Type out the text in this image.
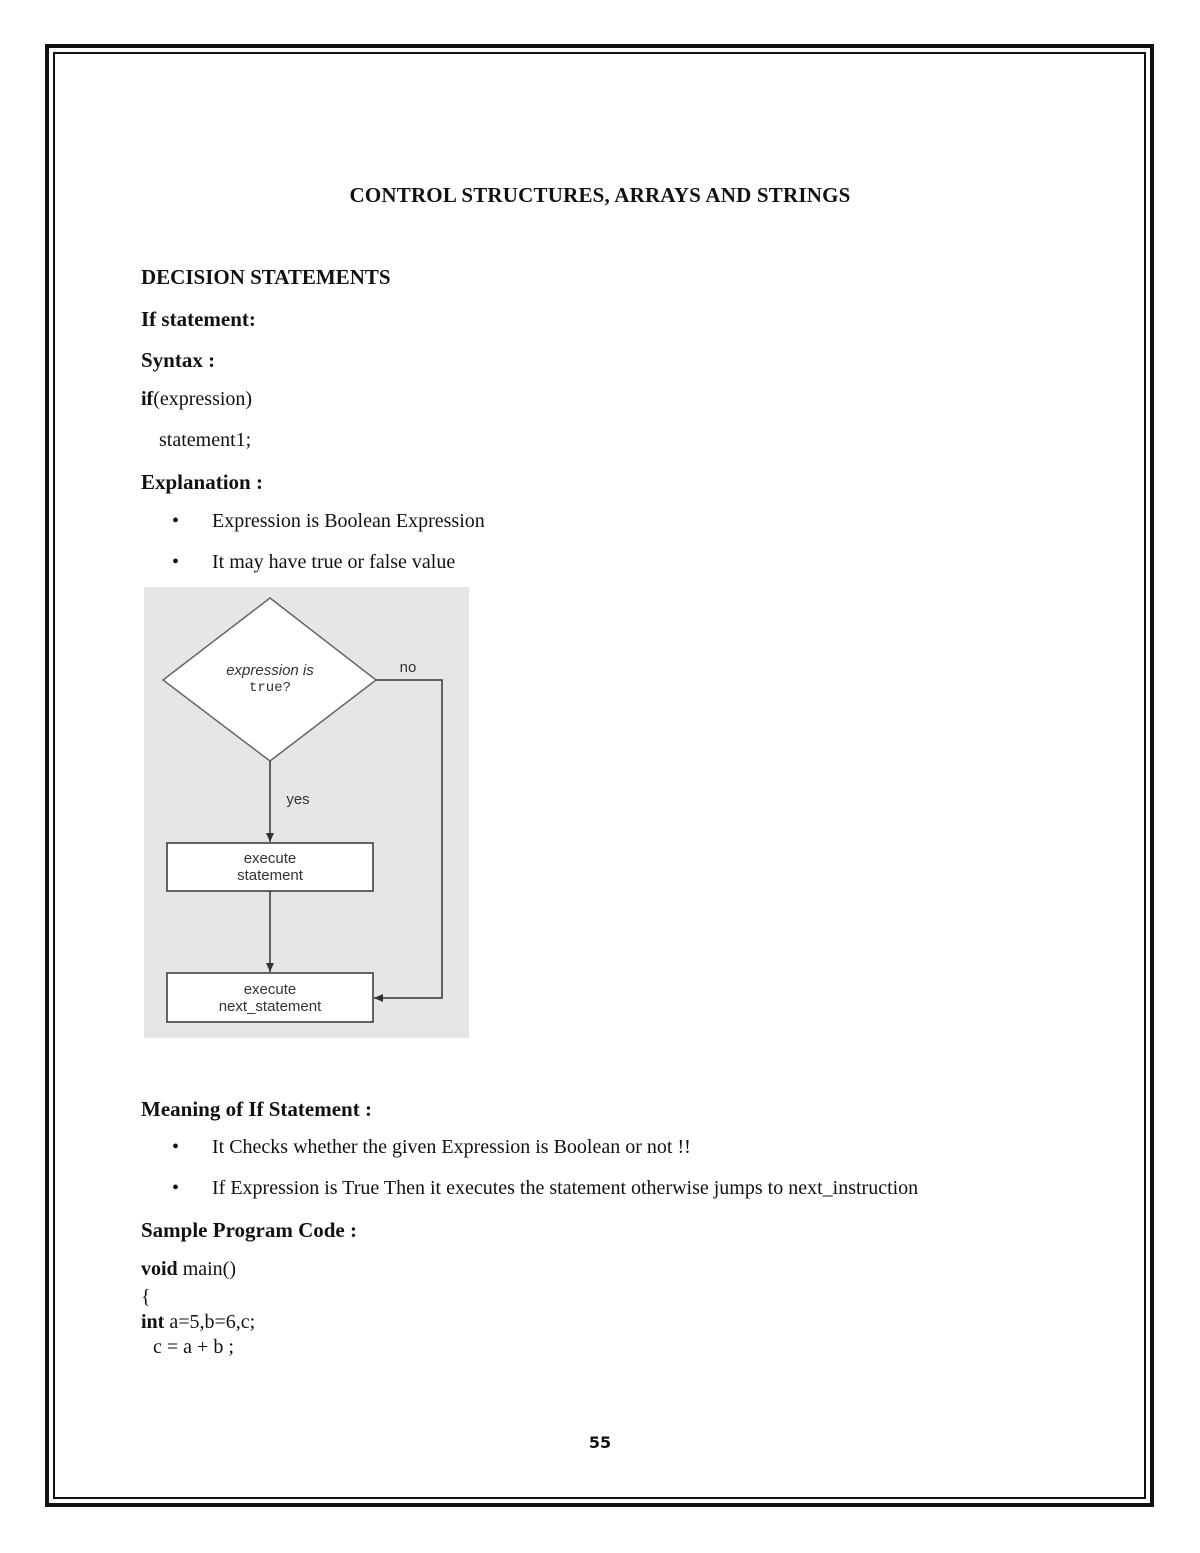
CONTROL STRUCTURES, ARRAYS AND STRINGS
DECISION STATEMENTS
If statement:
Syntax :
if(expression)
statement1;
Explanation :
• Expression is Boolean Expression
• It may have true or false value
expression is
true?
no
yes
execute
statement
execute
next_statement
Meaning of If Statement :
• It Checks whether the given Expression is Boolean or not !!
• If Expression is True Then it executes the statement otherwise jumps to next_instruction
Sample Program Code :
void main()
{
int a=5,b=6,c;
c = a + b ;
55
